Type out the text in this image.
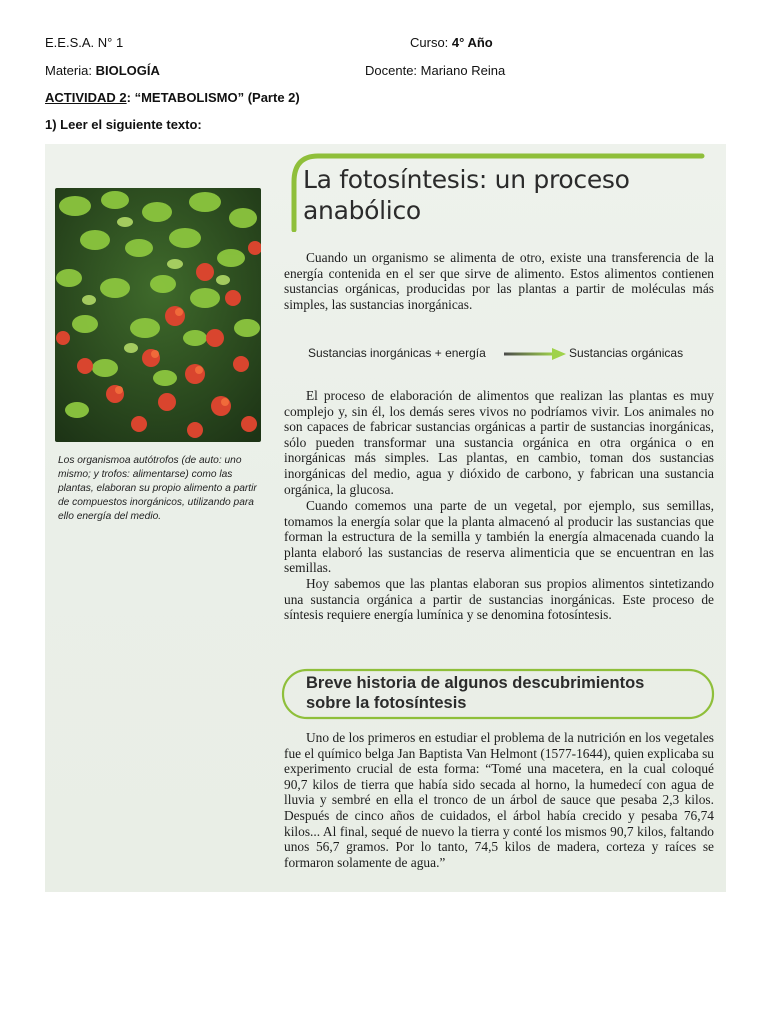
E.E.S.A. N° 1	Curso: 4° Año
Materia: BIOLOGÍA	Docente: Mariano Reina
ACTIVIDAD 2: “METABOLISMO” (Parte 2)
1) Leer el siguiente texto:
Los organismoa autótrofos (de auto: uno mismo; y trofos: alimentarse) como las plantas, elaboran su propio alimento a partir de compuestos inorgánicos, utilizando para ello energía del medio.
La fotosíntesis: un proceso
anabólico
Cuando un organismo se alimenta de otro, existe una transferencia de la energía contenida en el ser que sirve de alimento. Estos alimentos contienen sustancias orgánicas, producidas por las plantas a partir de moléculas más simples, las sustancias inorgánicas.
Sustancias inorgánicas + energía	Sustancias orgánicas
El proceso de elaboración de alimentos que realizan las plantas es muy complejo y, sin él, los demás seres vivos no podríamos vivir. Los animales no son capaces de fabricar sustancias orgánicas a partir de sustancias inorgánicas, sólo pueden transformar una sustancia orgánica en otra orgánica o en inorgánicas más simples. Las plantas, en cambio, toman dos sustancias inorgánicas del medio, agua y dióxido de carbono, y fabrican una sustancia orgánica, la glucosa.
Cuando comemos una parte de un vegetal, por ejemplo, sus semillas, tomamos la energía solar que la planta almacenó al producir las sustancias que forman la estructura de la semilla y también la energía almacenada cuando la planta elaboró las sustancias de reserva alimenticia que se encuentran en las semillas.
Hoy sabemos que las plantas elaboran sus propios alimentos sintetizando una sustancia orgánica a partir de sustancias inorgánicas. Este proceso de síntesis requiere energía lumínica y se denomina fotosíntesis.
Breve historia de algunos descubrimientos
sobre la fotosíntesis
Uno de los primeros en estudiar el problema de la nutrición en los vegetales fue el químico belga Jan Baptista Van Helmont (1577-1644), quien explicaba su experimento crucial de esta forma: “Tomé una macetera, en la cual coloqué 90,7 kilos de tierra que había sido secada al horno, la humedecí con agua de lluvia y sembré en ella el tronco de un árbol de sauce que pesaba 2,3 kilos. Después de cinco años de cuidados, el árbol había crecido y pesaba 76,74 kilos... Al final, sequé de nuevo la tierra y conté los mismos 90,7 kilos, faltando unos 56,7 gramos. Por lo tanto, 74,5 kilos de madera, corteza y raíces se formaron solamente de agua.”
